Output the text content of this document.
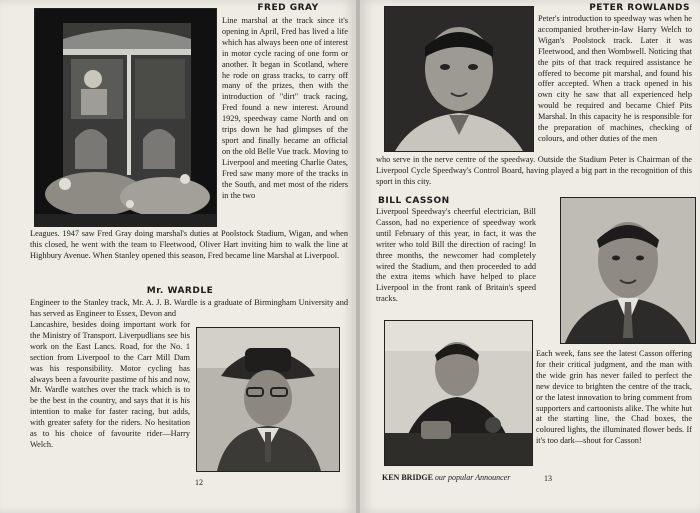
FRED GRAY

Line marshal at the track since it's opening in April, Fred has lived a life which has always been one of interest in motor cycle racing of one form or another. It began in Scotland, where he rode on grass tracks, to carry off many of the prizes, then with the introduction of "dirt" track racing, Fred found a new interest. Around 1929, speedway came North and on trips down he had glimpses of the sport and finally became an official on the old Belle Vue track. Moving to Liverpool and meeting Charlie Oates, Fred saw many more of the tracks in the South, and met most of the riders in the two

Leagues. 1947 saw Fred Gray doing marshal's duties at Poolstock Stadium, Wigan, and when this closed, he went with the team to Fleetwood, Oliver Hart inviting him to walk the line at Highbury Avenue. When Stanley opened this season, Fred became line Marshal at Liverpool.

Mr. WARDLE

Engineer to the Stanley track, Mr. A. J. B. Wardle is a graduate of Birmingham University and has served as Engineer to Essex, Devon and

Lancashire, besides doing important work for the Ministry of Transport. Liverpudlians see his work on the East Lancs. Road, for the No. 1 section from Liverpool to the Carr Mill Dam was his responsibility. Motor cycling has always been a favourite pastime of his and now, Mr. Wardle watches over the track which is to be the best in the country, and says that it is his intention to make for faster racing, but adds, with greater safety for the riders. No hesitation as to his choice of favourite rider—Harry Welch.

12
PETER ROWLANDS

Peter's introduction to speedway was when he accompanied brother-in-law Harry Welch to Wigan's Poolstock track. Later it was Fleetwood, and then Wombwell. Noticing that the pits of that track required assistance he offered to become pit marshal, and found his offer accepted. When a track opened in his own city he saw that all experienced help would be required and became Chief Pits Marshal. In this capacity he is responsible for the preparation of machines, checking of colours, and other duties of the men

who serve in the nerve centre of the speedway. Outside the Stadium Peter is Chairman of the Liverpool Cycle Speedway's Control Board, having played a big part in the recognition of this sport in this city.

BILL CASSON

Liverpool Speedway's cheerful electrician, Bill Casson, had no experience of speedway work until February of this year, in fact, it was the writer who told Bill the direction of racing! In three months, the newcomer had completely wired the Stadium, and then proceeded to add the extra items which have helped to place Liverpool in the front rank of Britain's speed tracks.

Each week, fans see the latest Casson offering for their critical judgment, and the man with the wide grin has never failed to perfect the new device to brighten the centre of the track, or the latest innovation to bring comment from supporters and cartoonists alike. The white hut at the starting line, the Chad boxes, the coloured lights, the illuminated flower beds. If it's too dark—shout for Casson!

KEN BRIDGE our popular Announcer	13
